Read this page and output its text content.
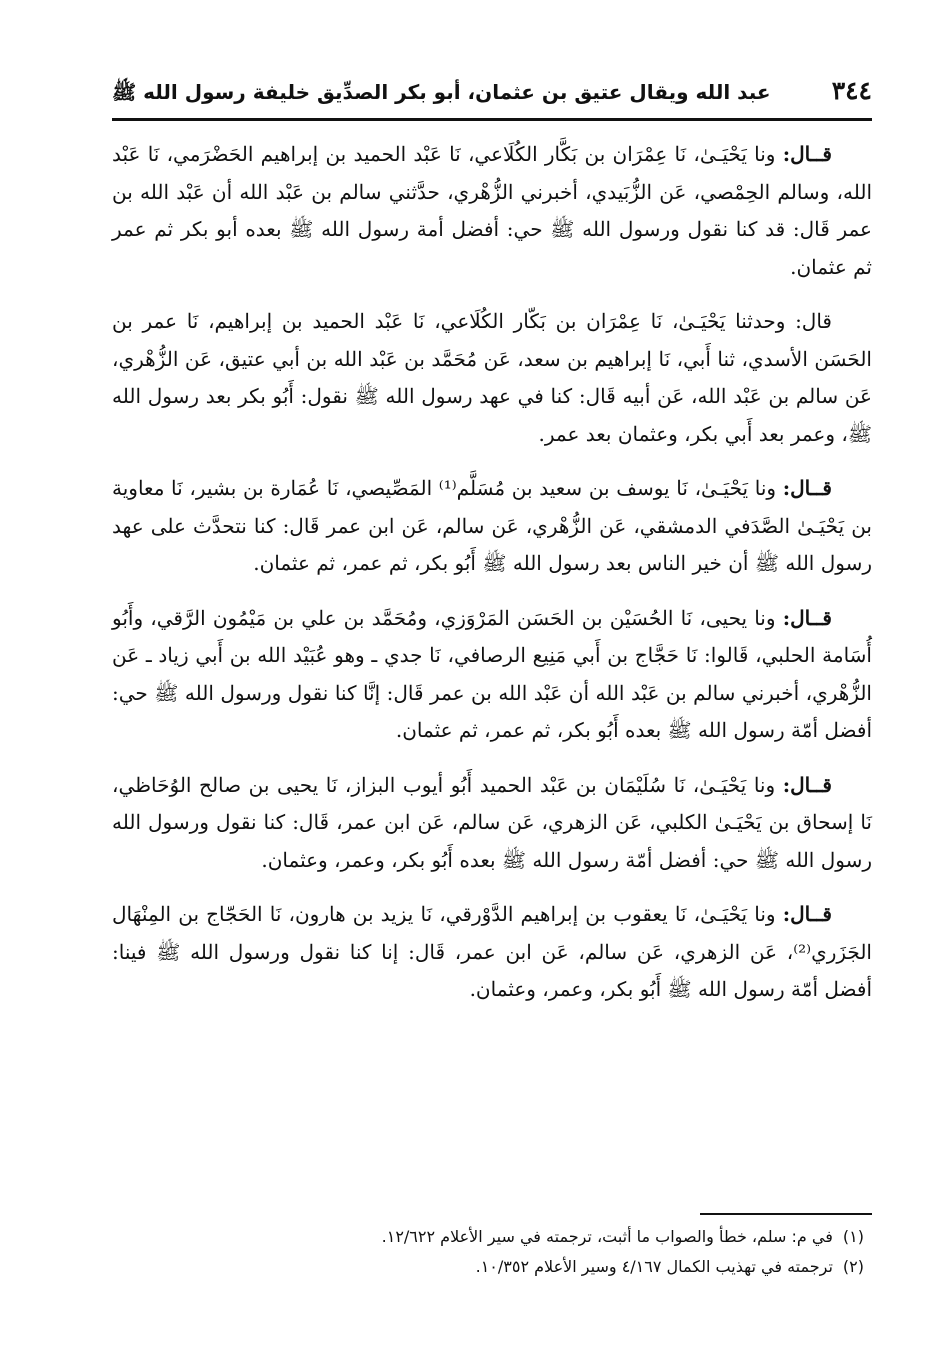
٣٤٤
عبد الله ويقال عتيق بن عثمان، أبو بكر الصدِّيق خليفة رسول الله ﷺ

قــال: ونا يَحْيَـىٰ، نَا عِمْرَان بن بَكَّار الكُلَاعي، نَا عَبْد الحميد بن إبراهيم الحَضْرَمي، نَا عَبْد الله، وسالم الحِمْصي، عَن الزُّبَيدي، أخبرني الزُّهْري، حدَّثني سالم بن عَبْد الله أن عَبْد الله بن عمر قَال: قد كنا نقول ورسول الله ﷺ حي: أفضل أمة رسول الله ﷺ بعده أبو بكر ثم عمر ثم عثمان.

قال: وحدثنا يَحْيَـىٰ، نَا عِمْرَان بن بَكّار الكُلَاعي، نَا عَبْد الحميد بن إبراهيم، نَا عمر بن الحَسَن الأسدي، ثنا أَبي، نَا إبراهيم بن سعد، عَن مُحَمَّد بن عَبْد الله بن أبي عتيق، عَن الزُّهْري، عَن سالم بن عَبْد الله، عَن أبيه قَال: كنا في عهد رسول الله ﷺ نقول: أَبُو بكر بعد رسول الله ﷺ، وعمر بعد أَبي بكر، وعثمان بعد عمر.

قــال: ونا يَحْيَـىٰ، نَا يوسف بن سعيد بن مُسَلَّم⁽¹⁾ المَصِّيصي، نَا عُمَارة بن بشير، نَا معاوية بن يَحْيَـىٰ الصَّدَفي الدمشقي، عَن الزُّهْري، عَن سالم، عَن ابن عمر قَال: كنا نتحدَّث على عهد رسول الله ﷺ أن خير الناس بعد رسول الله ﷺ أَبُو بكر، ثم عمر، ثم عثمان.

قــال: ونا يحيى، نَا الحُسَيْن بن الحَسَن المَرْوَزي، ومُحَمَّد بن علي بن مَيْمُون الرَّقي، وأَبُو أُسَامة الحلبي، قَالوا: نَا حَجَّاج بن أَبي مَنِيع الرصافي، نَا جدي ـ وهو عُبَيْد الله بن أَبي زياد ـ عَن الزُّهْري، أخبرني سالم بن عَبْد الله أن عَبْد الله بن عمر قَال: إنَّا كنا نقول ورسول الله ﷺ حي: أفضل أمّة رسول الله ﷺ بعده أَبُو بكر، ثم عمر، ثم عثمان.

قــال: ونا يَحْيَـىٰ، نَا سُلَيْمَان بن عَبْد الحميد أَبُو أيوب البزاز، نَا يحيى بن صالح الوُحَاظي، نَا إسحاق بن يَحْيَـىٰ الكلبي، عَن الزهري، عَن سالم، عَن ابن عمر، قَال: كنا نقول ورسول الله رسول الله ﷺ حي: أفضل أمّة رسول الله ﷺ بعده أَبُو بكر، وعمر، وعثمان.

قــال: ونا يَحْيَـىٰ، نَا يعقوب بن إبراهيم الدَّوْرقي، نَا يزيد بن هارون، نَا الحَجّاج بن المِنْهَال الجَزَري⁽²⁾، عَن الزهري، عَن سالم، عَن ابن عمر، قَال: إنا كنا نقول ورسول الله ﷺ فينا: أفضل أمّة رسول الله ﷺ أَبُو بكر، وعمر، وعثمان.

(١)في م: سلم، خطأ والصواب ما أثبت، ترجمته في سير الأعلام ١٢/٦٢٢.

(٢)ترجمته في تهذيب الكمال ٤/١٦٧ وسير الأعلام ١٠/٣٥٢.
